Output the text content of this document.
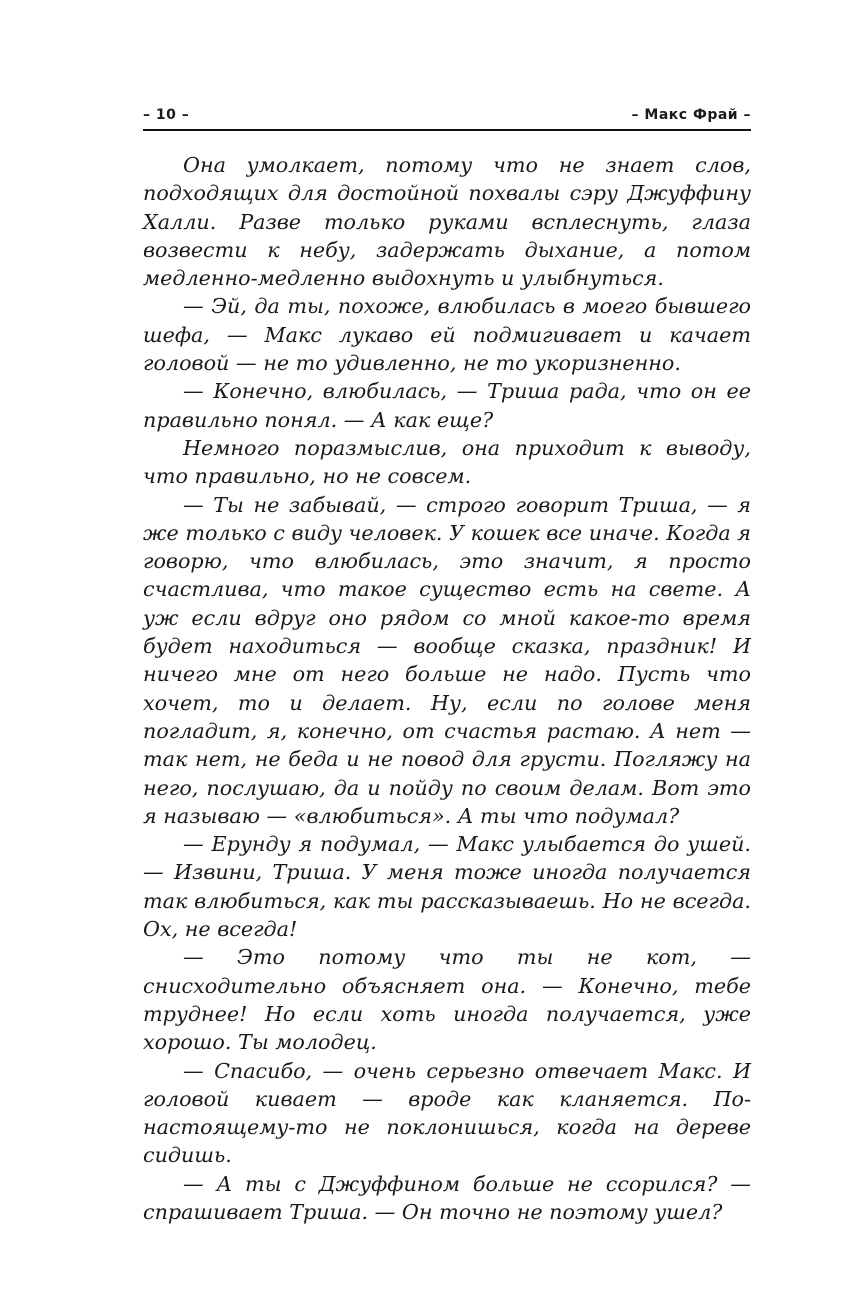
– 10 –	– Макс Фрай –

Она умолкает, потому что не знает слов, подходящих для достойной похвалы сэру Джуффину Халли. Разве только руками всплеснуть, глаза возвести к небу, задержать дыхание, а потом медленно-медленно выдохнуть и улыбнуться.

— Эй, да ты, похоже, влюбилась в моего бывшего шефа, — Макс лукаво ей подмигивает и качает головой — не то удивленно, не то укоризненно.

— Конечно, влюбилась, — Триша рада, что он ее правильно понял. — А как еще?

Немного поразмыслив, она приходит к выводу, что правильно, но не совсем.

— Ты не забывай, — строго говорит Триша, — я же только с виду человек. У кошек все иначе. Когда я говорю, что влюбилась, это значит, я просто счастлива, что такое существо есть на свете. А уж если вдруг оно рядом со мной какое-то время будет находиться — вообще сказка, праздник! И ничего мне от него больше не надо. Пусть что хочет, то и делает. Ну, если по голове меня погладит, я, конечно, от счастья растаю. А нет — так нет, не беда и не повод для грусти. Погляжу на него, послушаю, да и пойду по своим делам. Вот это я называю — «влюбиться». А ты что подумал?

— Ерунду я подумал, — Макс улыбается до ушей. — Извини, Триша. У меня тоже иногда получается так влюбиться, как ты рассказываешь. Но не всегда. Ох, не всегда!

— Это потому что ты не кот, — снисходительно объясняет она. — Конечно, тебе труднее! Но если хоть иногда получается, уже хорошо. Ты молодец.

— Спасибо, — очень серьезно отвечает Макс. И головой кивает — вроде как кланяется. По-настоящему-то не поклонишься, когда на дереве сидишь.

— А ты с Джуффином больше не ссорился? — спрашивает Триша. — Он точно не поэтому ушел?
